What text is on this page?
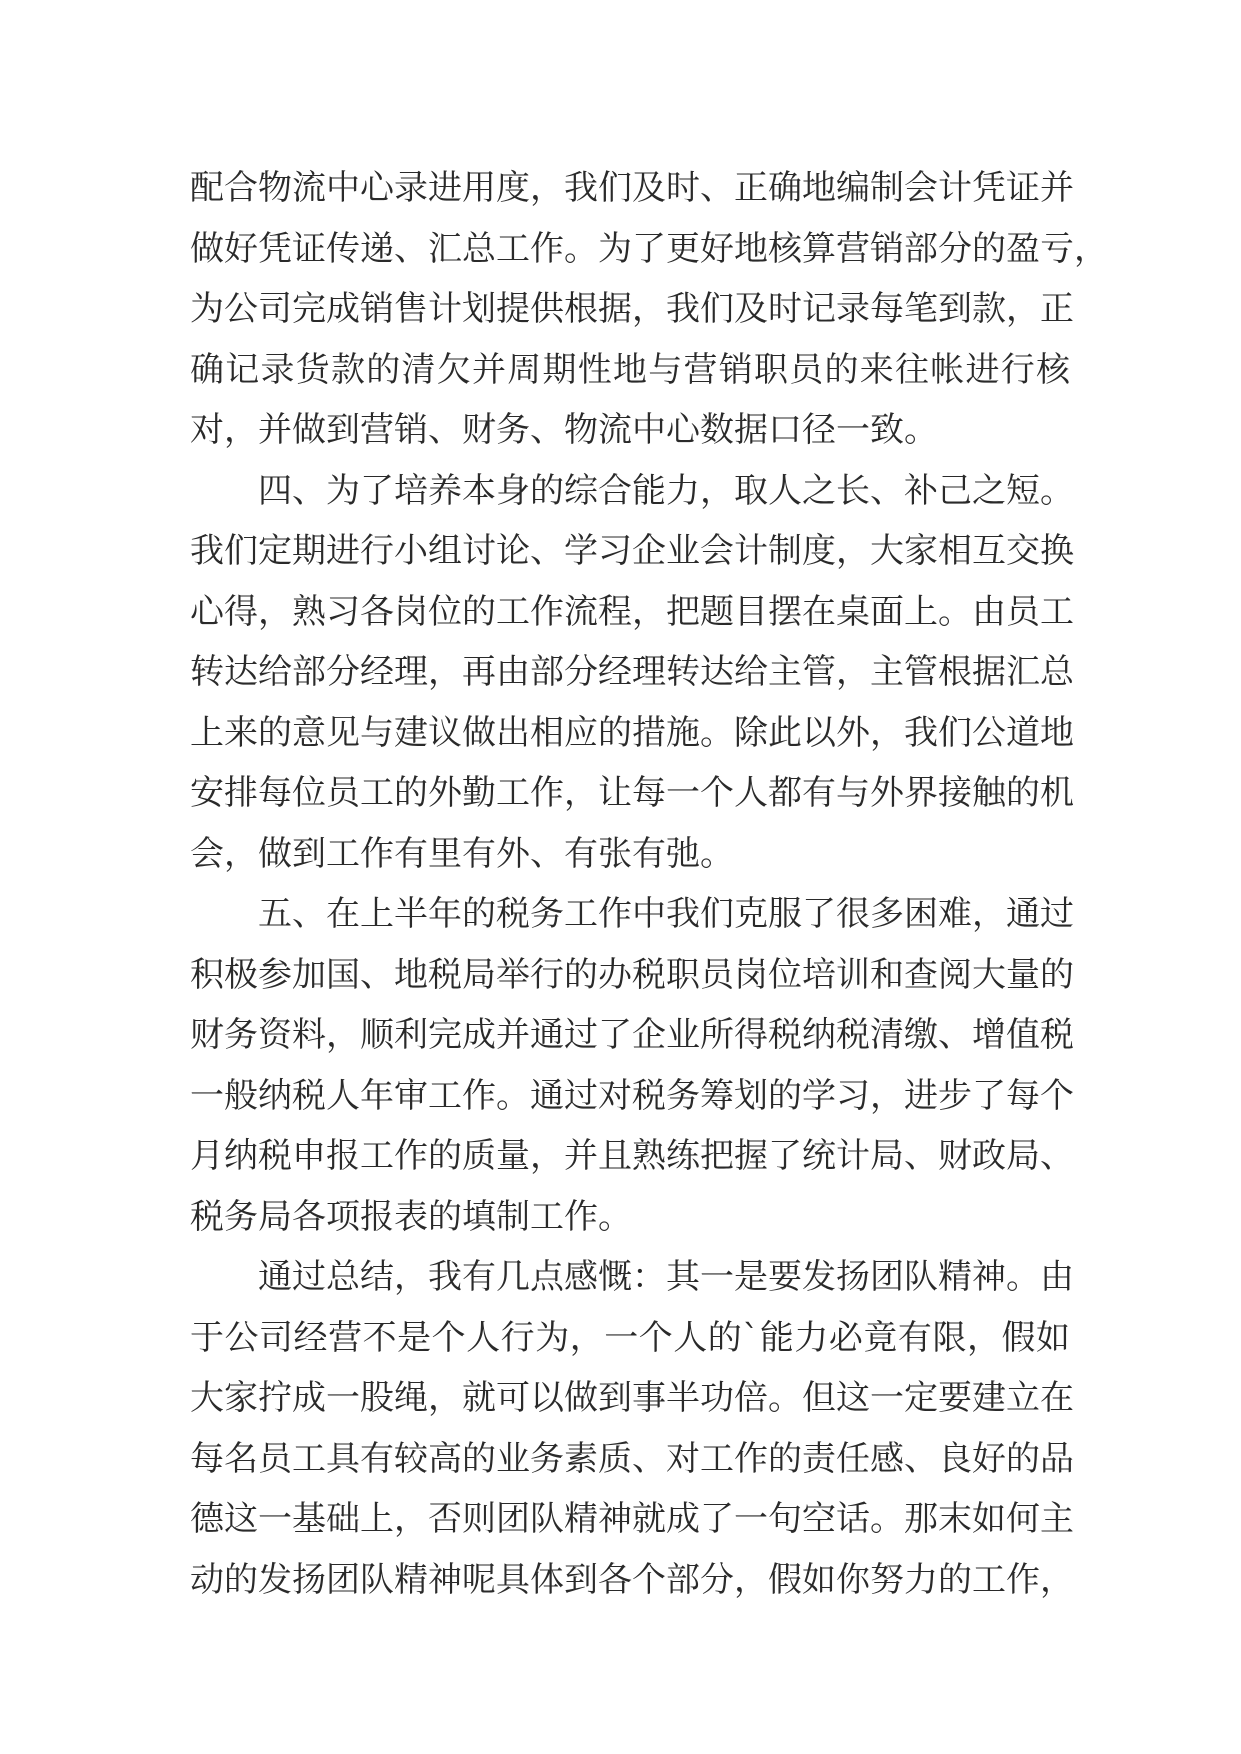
配合物流中心录进用度，我们及时、正确地编制会计凭证并
做好凭证传递、汇总工作。为了更好地核算营销部分的盈亏，
为公司完成销售计划提供根据，我们及时记录每笔到款，正
确记录货款的清欠并周期性地与营销职员的来往帐进行核
对，并做到营销、财务、物流中心数据口径一致。
四、为了培养本身的综合能力，取人之长、补己之短。
我们定期进行小组讨论、学习企业会计制度，大家相互交换
心得，熟习各岗位的工作流程，把题目摆在桌面上。由员工
转达给部分经理，再由部分经理转达给主管，主管根据汇总
上来的意见与建议做出相应的措施。除此以外，我们公道地
安排每位员工的外勤工作，让每一个人都有与外界接触的机
会，做到工作有里有外、有张有弛。
五、在上半年的税务工作中我们克服了很多困难，通过
积极参加国、地税局举行的办税职员岗位培训和查阅大量的
财务资料，顺利完成并通过了企业所得税纳税清缴、增值税
一般纳税人年审工作。通过对税务筹划的学习，进步了每个
月纳税申报工作的质量，并且熟练把握了统计局、财政局、
税务局各项报表的填制工作。
通过总结，我有几点感慨：其一是要发扬团队精神。由
于公司经营不是个人行为，一个人的`能力必竟有限，假如
大家拧成一股绳，就可以做到事半功倍。但这一定要建立在
每名员工具有较高的业务素质、对工作的责任感、良好的品
德这一基础上，否则团队精神就成了一句空话。那末如何主
动的发扬团队精神呢具体到各个部分，假如你努力的工作，
